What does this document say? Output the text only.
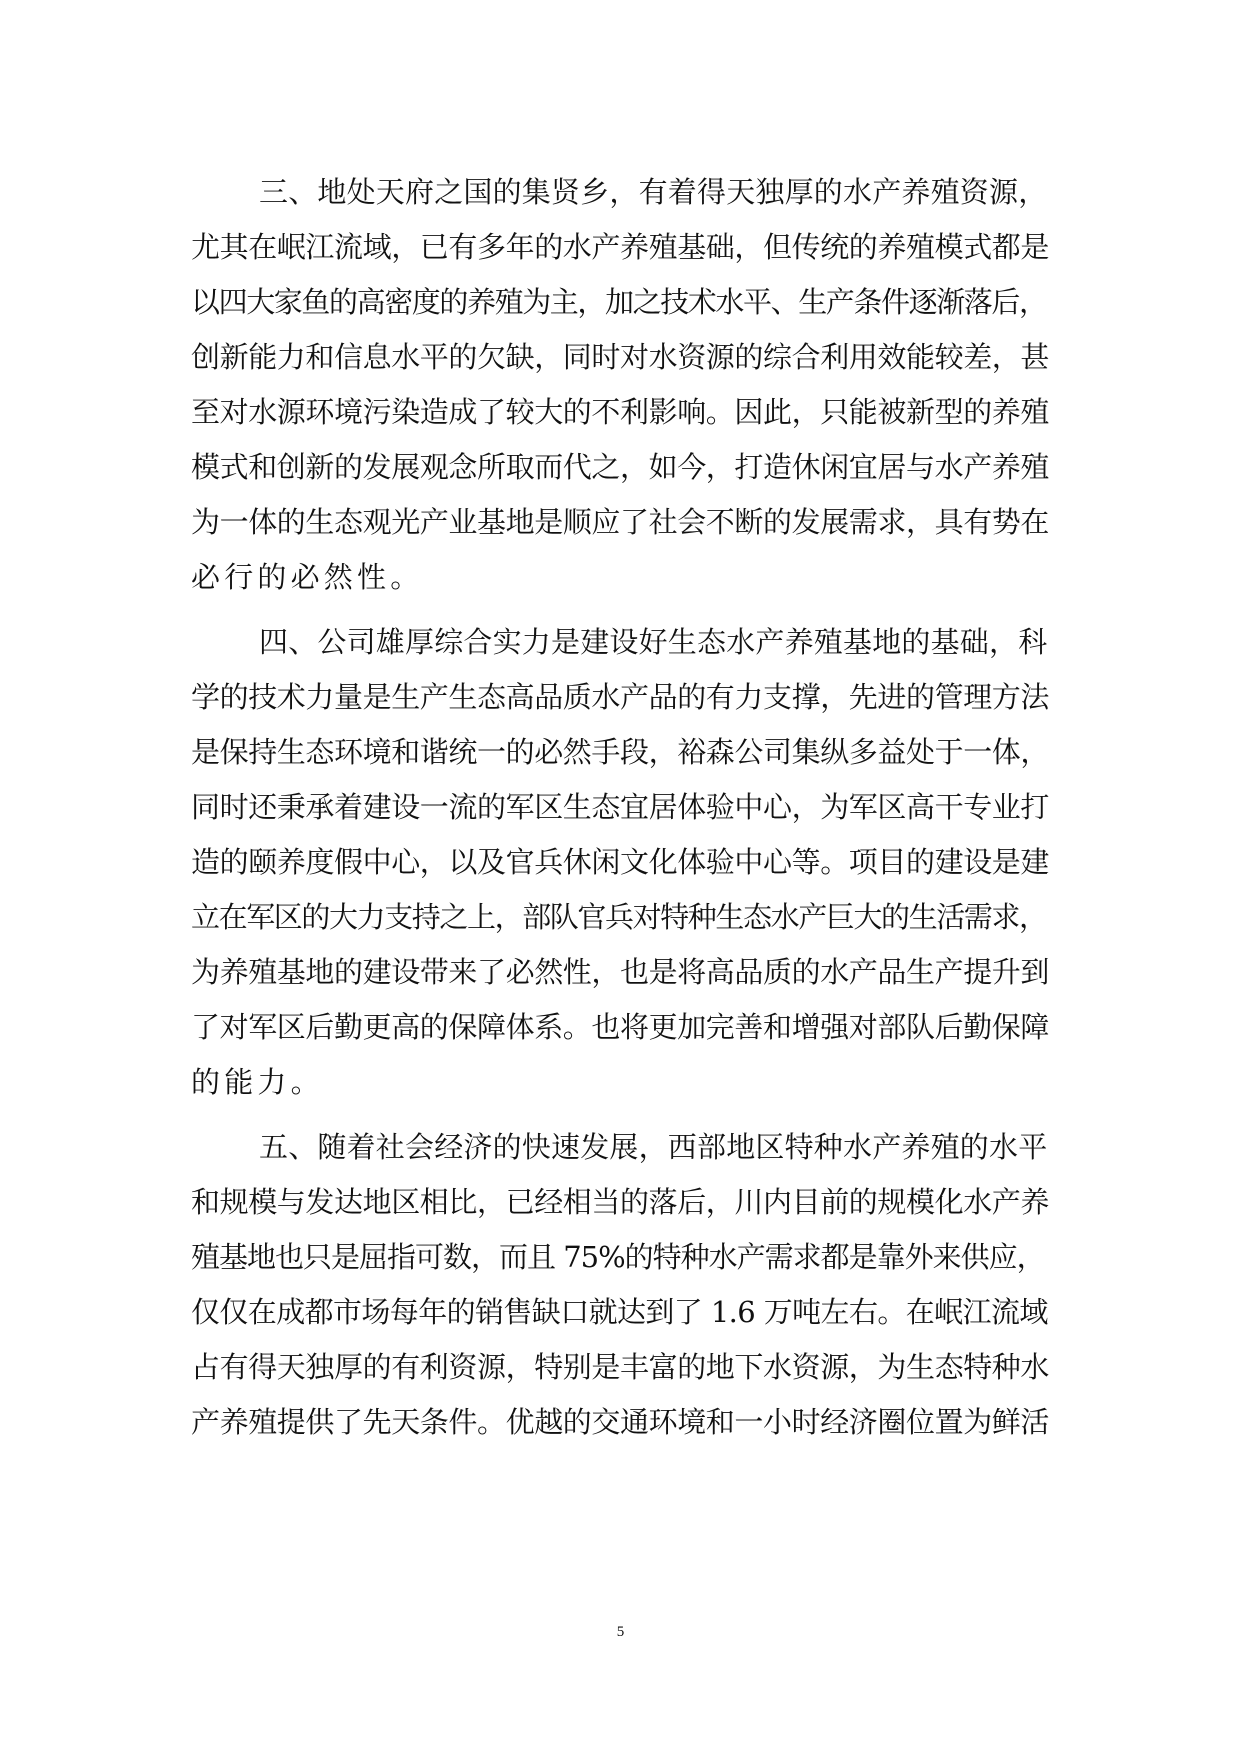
三、地处天府之国的集贤乡，有着得天独厚的水产养殖资源，
尤其在岷江流域，已有多年的水产养殖基础，但传统的养殖模式都是
以四大家鱼的高密度的养殖为主，加之技术水平、生产条件逐渐落后，
创新能力和信息水平的欠缺，同时对水资源的综合利用效能较差，甚
至对水源环境污染造成了较大的不利影响。因此，只能被新型的养殖
模式和创新的发展观念所取而代之，如今，打造休闲宜居与水产养殖
为一体的生态观光产业基地是顺应了社会不断的发展需求，具有势在
必行的必然性。
四、公司雄厚综合实力是建设好生态水产养殖基地的基础，科
学的技术力量是生产生态高品质水产品的有力支撑，先进的管理方法
是保持生态环境和谐统一的必然手段，裕森公司集纵多益处于一体，
同时还秉承着建设一流的军区生态宜居体验中心，为军区高干专业打
造的颐养度假中心，以及官兵休闲文化体验中心等。项目的建设是建
立在军区的大力支持之上，部队官兵对特种生态水产巨大的生活需求，
为养殖基地的建设带来了必然性，也是将高品质的水产品生产提升到
了对军区后勤更高的保障体系。也将更加完善和增强对部队后勤保障
的能力。
五、随着社会经济的快速发展，西部地区特种水产养殖的水平
和规模与发达地区相比，已经相当的落后，川内目前的规模化水产养
殖基地也只是屈指可数，而且 75%的特种水产需求都是靠外来供应，
仅仅在成都市场每年的销售缺口就达到了 1.6 万吨左右。在岷江流域
占有得天独厚的有利资源，特别是丰富的地下水资源，为生态特种水
产养殖提供了先天条件。优越的交通环境和一小时经济圈位置为鲜活
5
